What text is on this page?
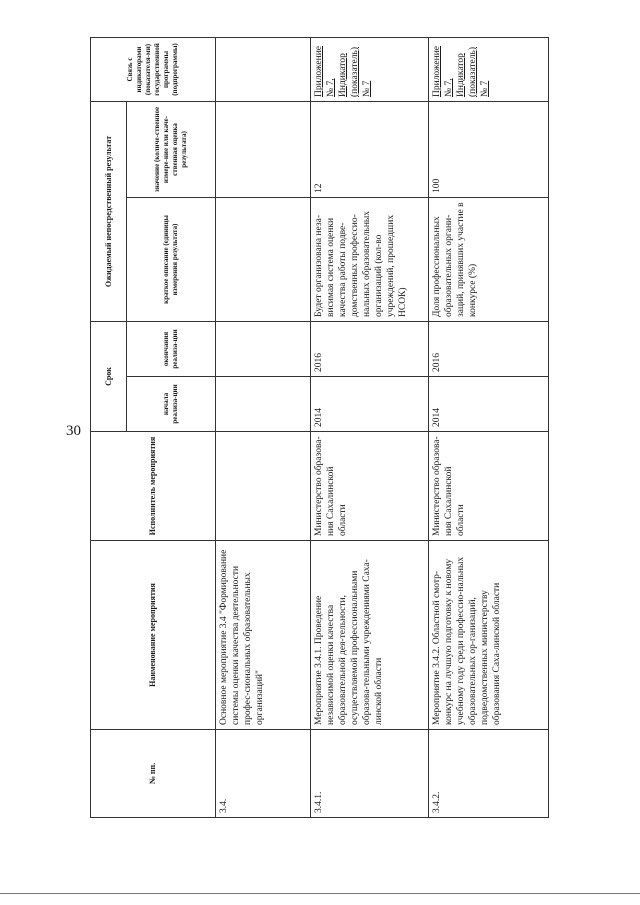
30
№ пп.	Наименование мероприятия	Исполнитель мероприятия	Срок		Ожидаемый непосредственный результат		Связь с индикаторами (показателя-ми) государственной программы (подпрограммы)
			начала реализа-ции	окончания реализа-ции	краткое описание (единицы измерения результата)	значение (количе-ственное измере-ние или каче-ственная оценка результата)	
3.4.	Основное мероприятие 3.4 "Формирование системы оценки качества деятельности профес-сиональных образовательных организаций"						
3.4.1.	Мероприятие 3.4.1. Проведение независимой оценки качества образовательной дея-тельности, осуществляемой профессиональными образова-тельными учреждениями Саха-линской области	Министерство образова-ния Сахалинской области	2014	2016	Будет организована неза-висимая система оценки качества работы подве-домственных профессио-нальных образовательных организаций (кол-во учреждений, прошедших НСОК)	12	Приложение № 7, Индикатор (показатель) № 7
3.4.2.	Мероприятие 3.4.2. Областной смотр-конкурс на лучшую подготовку к новому учебному году среди профессио-нальных образовательных ор-ганизаций, подведомственных министерству образования Саха-линской области	Министерство образова-ния Сахалинской области	2014	2016	Доля профессиональных образовательных органи-заций, принявших участие в конкурсе (%)	100	Приложение № 7, Индикатор (показатель) № 7
